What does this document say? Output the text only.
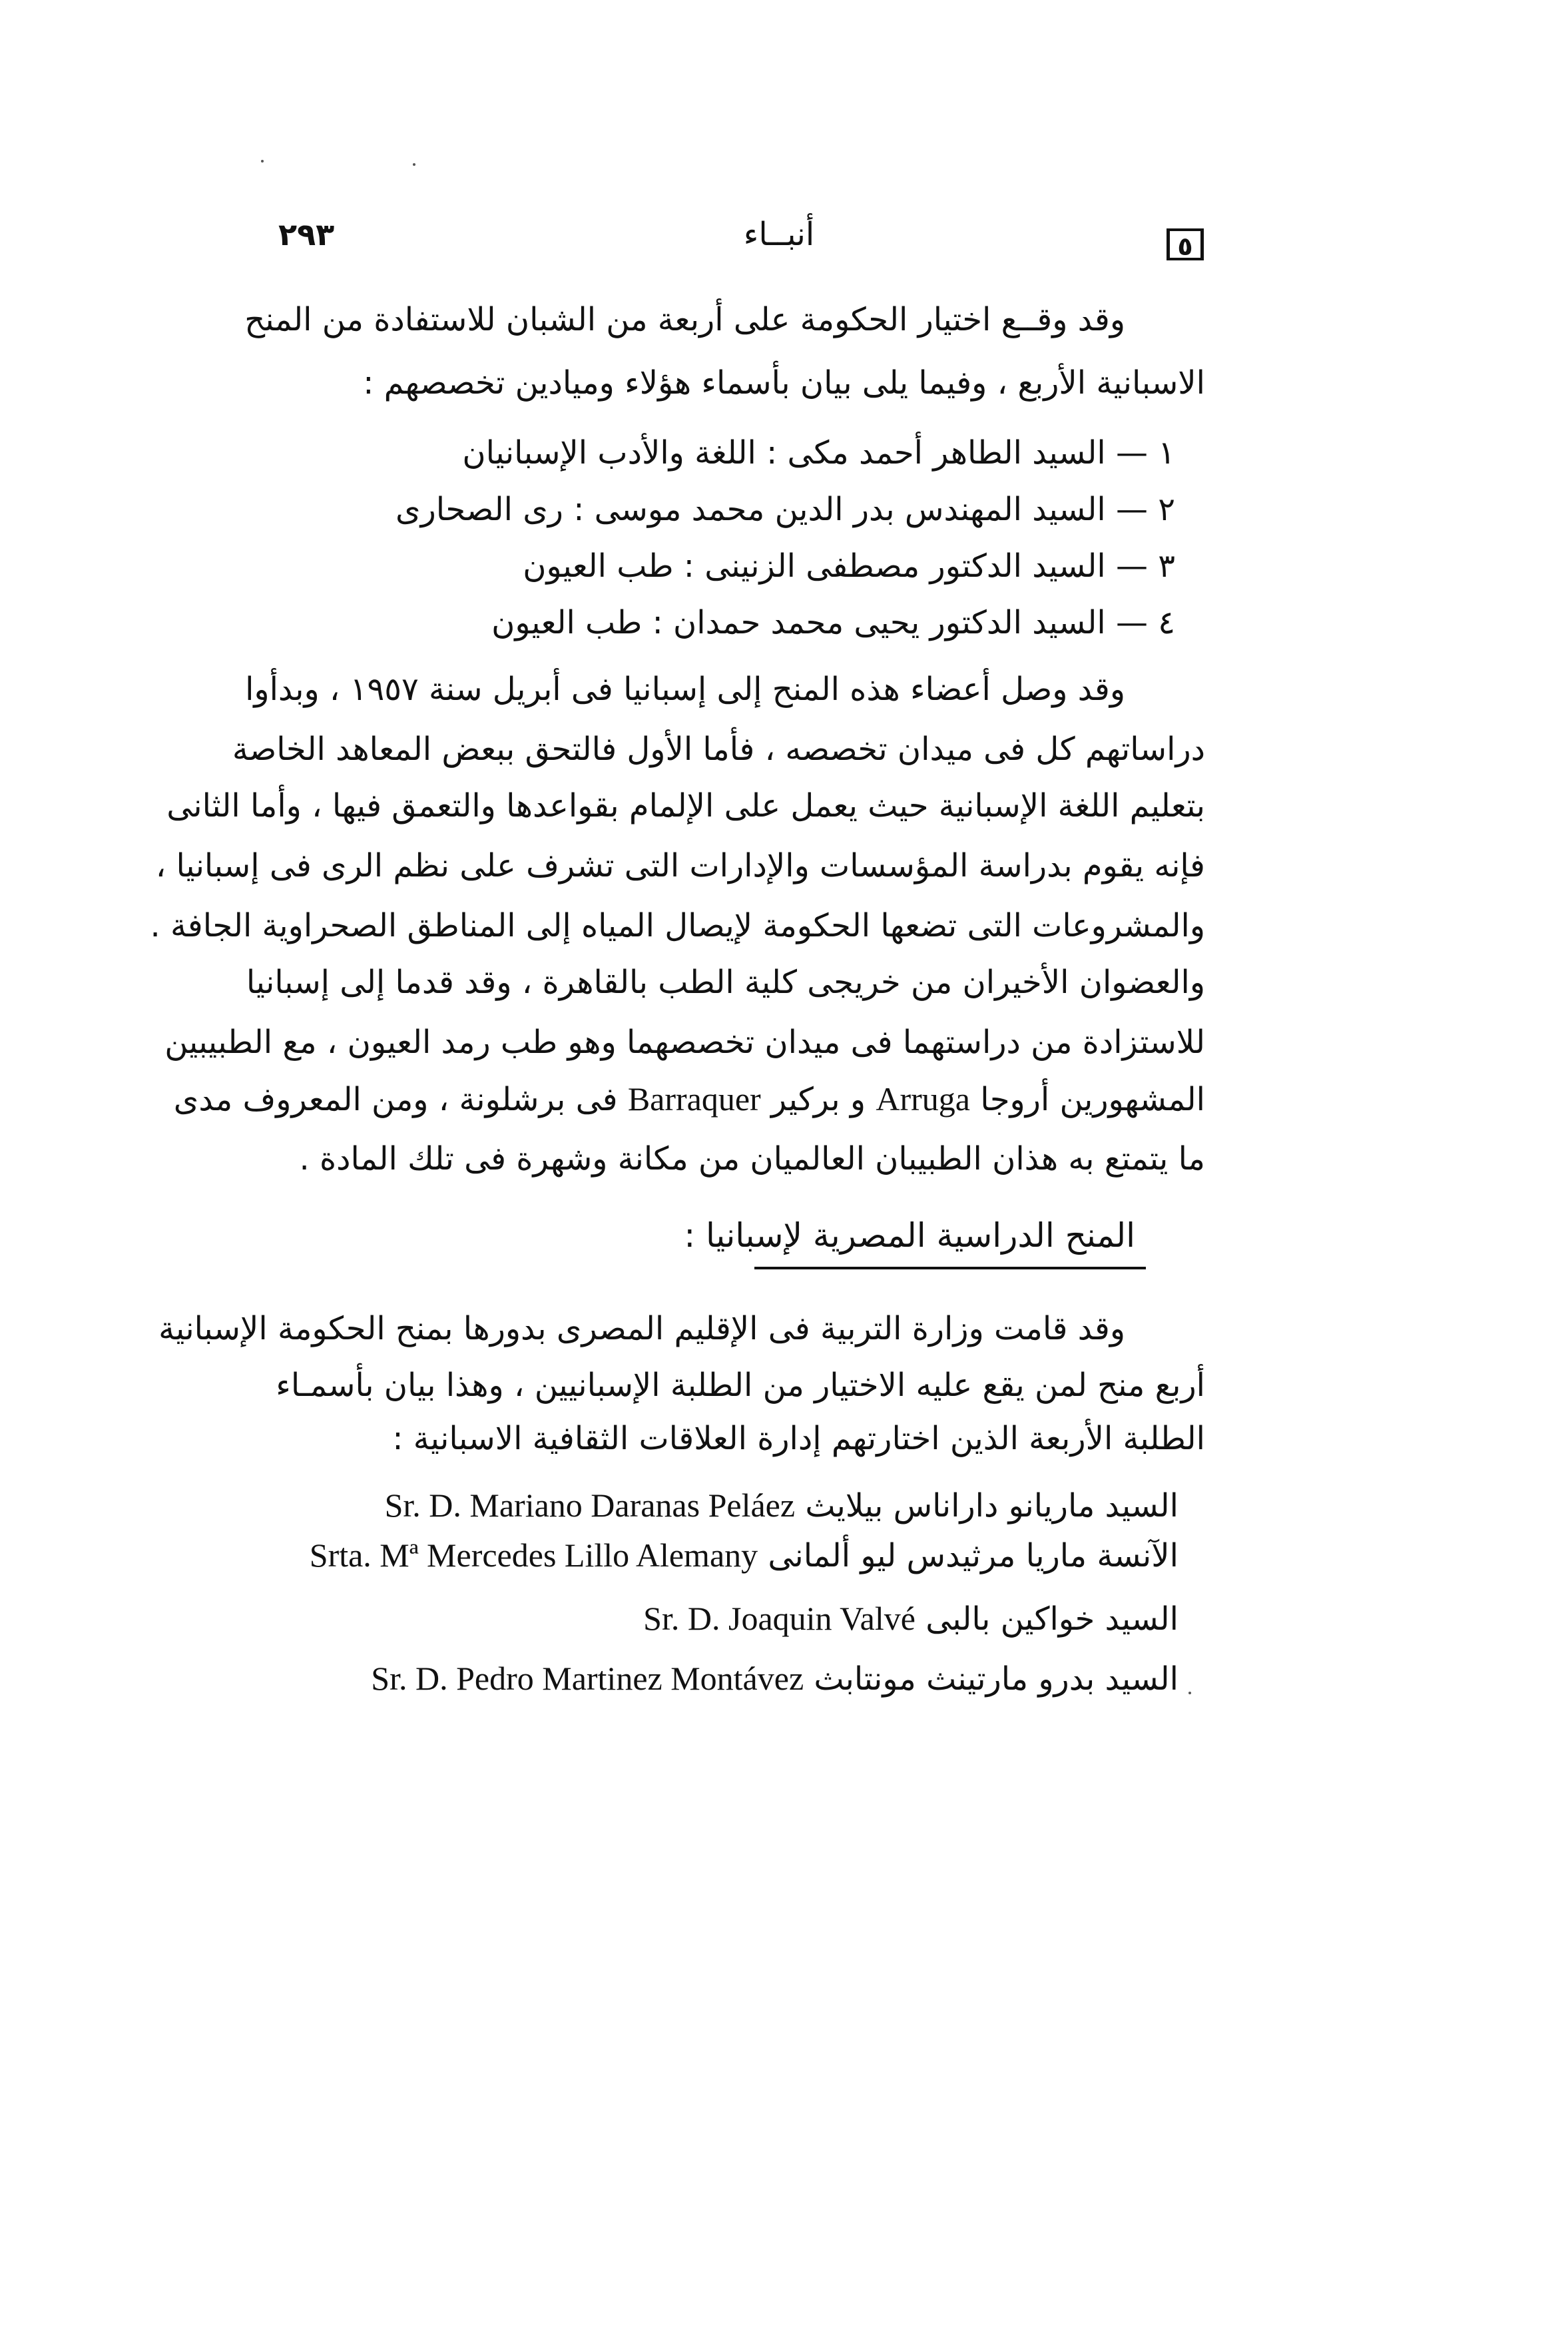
٢٩٣	أنبــاء	٥
وقد وقــع اختيار الحكومة على أربعة من الشبان للاستفادة من المنح
الاسبانية الأربع ، وفيما يلى بيان بأسماء هؤلاء وميادين تخصصهم :
١ — السيد الطاهر أحمد مكى : اللغة والأدب الإسبانيان
٢ — السيد المهندس بدر الدين محمد موسى : رى الصحارى
٣ — السيد الدكتور مصطفى الزنينى : طب العيون
٤ — السيد الدكتور يحيى محمد حمدان : طب العيون
وقد وصل أعضاء هذه المنح إلى إسبانيا فى أبريل سنة ١٩٥٧ ، وبدأوا
دراساتهم كل فى ميدان تخصصه ، فأما الأول فالتحق ببعض المعاهد الخاصة
بتعليم اللغة الإسبانية حيث يعمل على الإلمام بقواعدها والتعمق فيها ، وأما الثانى
فإنه يقوم بدراسة المؤسسات والإدارات التى تشرف على نظم الرى فى إسبانيا ،
والمشروعات التى تضعها الحكومة لإيصال المياه إلى المناطق الصحراوية الجافة .
والعضوان الأخيران من خريجى كلية الطب بالقاهرة ، وقد قدما إلى إسبانيا
للاستزادة من دراستهما فى ميدان تخصصهما وهو طب رمد العيون ، مع الطبيبين
المشهورين أروجا Arruga و بركير Barraquer فى برشلونة ، ومن المعروف مدى
ما يتمتع به هذان الطبيبان العالميان من مكانة وشهرة فى تلك المادة .
المنح الدراسية المصرية لإسبانيا :
وقد قامت وزارة التربية فى الإقليم المصرى بدورها بمنح الحكومة الإسبانية
أربع منح لمن يقع عليه الاختيار من الطلبة الإسبانيين ، وهذا بيان بأسمـاء
الطلبة الأربعة الذين اختارتهم إدارة العلاقات الثقافية الاسبانية :
السيد ماريانو داراناس بيلايث Sr. D. Mariano Daranas Peláez
الآنسة ماريا مرثيدس ليو ألمانى Srta. Mª Mercedes Lillo Alemany
السيد خواكين بالبى Sr. D. Joaquin Valvé
السيد بدرو مارتينث مونتابث Sr. D. Pedro Martinez Montávez
